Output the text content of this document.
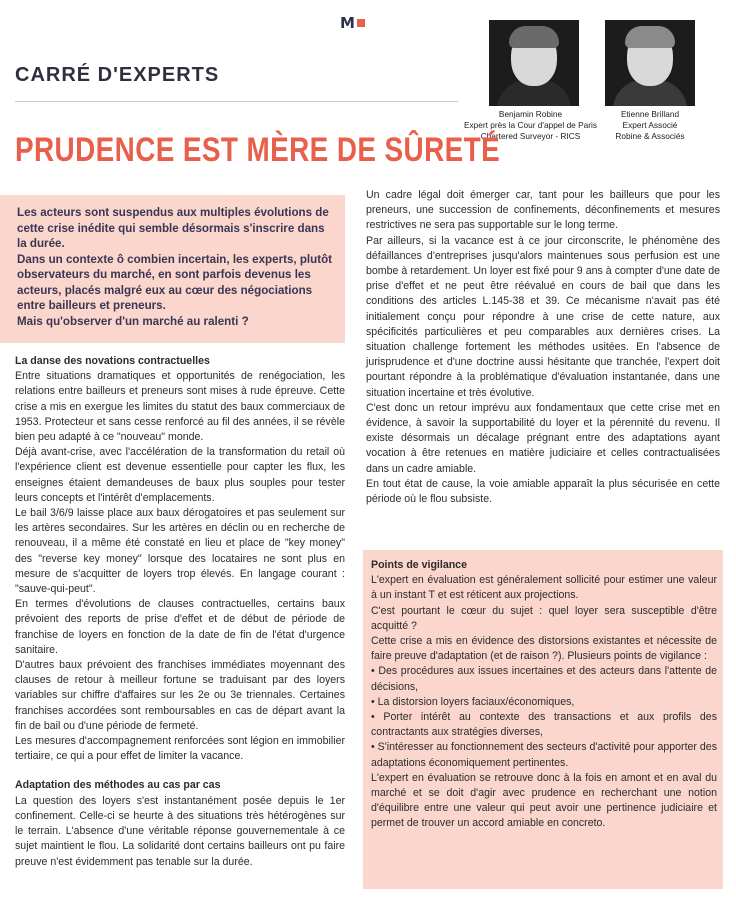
M
CARRÉ D'EXPERTS
Benjamin Robine
Expert près la Cour d'appel de Paris
Chartered Surveyor - RICS
Etienne Brilland
Expert Associé
Robine & Associés
PRUDENCE EST MÈRE DE SÛRETÉ

Les acteurs sont suspendus aux multiples évolutions de cette crise inédite qui semble désormais s'inscrire dans la durée.
Dans un contexte ô combien incertain, les experts, plutôt observateurs du marché, en sont parfois devenus les acteurs, placés malgré eux au cœur des négociations entre bailleurs et preneurs.
Mais qu'observer d'un marché au ralenti ?

La danse des novations contractuelles

Entre situations dramatiques et opportunités de renégociation, les relations entre bailleurs et preneurs sont mises à rude épreuve. Cette crise a mis en exergue les limites du statut des baux commerciaux de 1953. Protecteur et sans cesse renforcé au fil des années, il se révèle bien peu adapté à ce "nouveau" monde.

Déjà avant-crise, avec l'accélération de la transformation du retail où l'expérience client est devenue essentielle pour capter les flux, les enseignes étaient demandeuses de baux plus souples pour tester leurs concepts et l'intérêt d'emplacements.

Le bail 3/6/9 laisse place aux baux dérogatoires et pas seulement sur les artères secondaires. Sur les artères en déclin ou en recherche de renouveau, il a même été constaté en lieu et place de "key money" des "reverse key money" lorsque des locataires ne sont plus en mesure de s'acquitter de loyers trop élevés. En langage courant : "sauve-qui-peut".

En termes d'évolutions de clauses contractuelles, certains baux prévoient des reports de prise d'effet et de début de période de franchise de loyers en fonction de la date de fin de l'état d'urgence sanitaire.

D'autres baux prévoient des franchises immédiates moyennant des clauses de retour à meilleur fortune se traduisant par des loyers variables sur chiffre d'affaires sur les 2e ou 3e triennales. Certaines franchises accordées sont remboursables en cas de départ avant la fin de bail ou d'une période de fermeté.

Les mesures d'accompagnement renforcées sont légion en immobilier tertiaire, ce qui a pour effet de limiter la vacance.

Adaptation des méthodes au cas par cas

La question des loyers s'est instantanément posée depuis le 1er confinement. Celle-ci se heurte à des situations très hétérogènes sur le terrain. L'absence d'une véritable réponse gouvernementale à ce sujet maintient le flou. La solidarité dont certains bailleurs ont pu faire preuve n'est évidemment pas tenable sur la durée.

Un cadre légal doit émerger car, tant pour les bailleurs que pour les preneurs, une succession de confinements, déconfinements et mesures restrictives ne sera pas supportable sur le long terme.

Par ailleurs, si la vacance est à ce jour circonscrite, le phénomène des défaillances d'entreprises jusqu'alors maintenues sous perfusion est une bombe à retardement. Un loyer est fixé pour 9 ans à compter d'une date de prise d'effet et ne peut être réévalué en cours de bail que dans les conditions des articles L.145-38 et 39. Ce mécanisme n'avait pas été initialement conçu pour répondre à une crise de cette nature, aux spécificités particulières et peu comparables aux dernières crises. La situation challenge fortement les méthodes usitées. En l'absence de jurisprudence et d'une doctrine aussi hésitante que tranchée, l'expert doit pourtant répondre à la problématique d'évaluation instantanée, dans une situation incertaine et très évolutive.

C'est donc un retour imprévu aux fondamentaux que cette crise met en évidence, à savoir la supportabilité du loyer et la pérennité du revenu. Il existe désormais un décalage prégnant entre des adaptations ayant vocation à être retenues en matière judiciaire et celles contractualisées dans un cadre amiable.

En tout état de cause, la voie amiable apparaît la plus sécurisée en cette période où le flou subsiste.

Points de vigilance

L'expert en évaluation est généralement sollicité pour estimer une valeur à un instant T et est réticent aux projections.

C'est pourtant le cœur du sujet : quel loyer sera susceptible d'être acquitté ?

Cette crise a mis en évidence des distorsions existantes et nécessite de faire preuve d'adaptation (et de raison ?). Plusieurs points de vigilance :

• Des procédures aux issues incertaines et des acteurs dans l'attente de décisions,

• La distorsion loyers faciaux/économiques,

• Porter intérêt au contexte des transactions et aux profils des contractants aux stratégies diverses,

• S'intéresser au fonctionnement des secteurs d'activité pour apporter des adaptations économiquement pertinentes.

L'expert en évaluation se retrouve donc à la fois en amont et en aval du marché et se doit d'agir avec prudence en recherchant une notion d'équilibre entre une valeur qui peut avoir une pertinence judiciaire et permet de trouver un accord amiable en concreto.
